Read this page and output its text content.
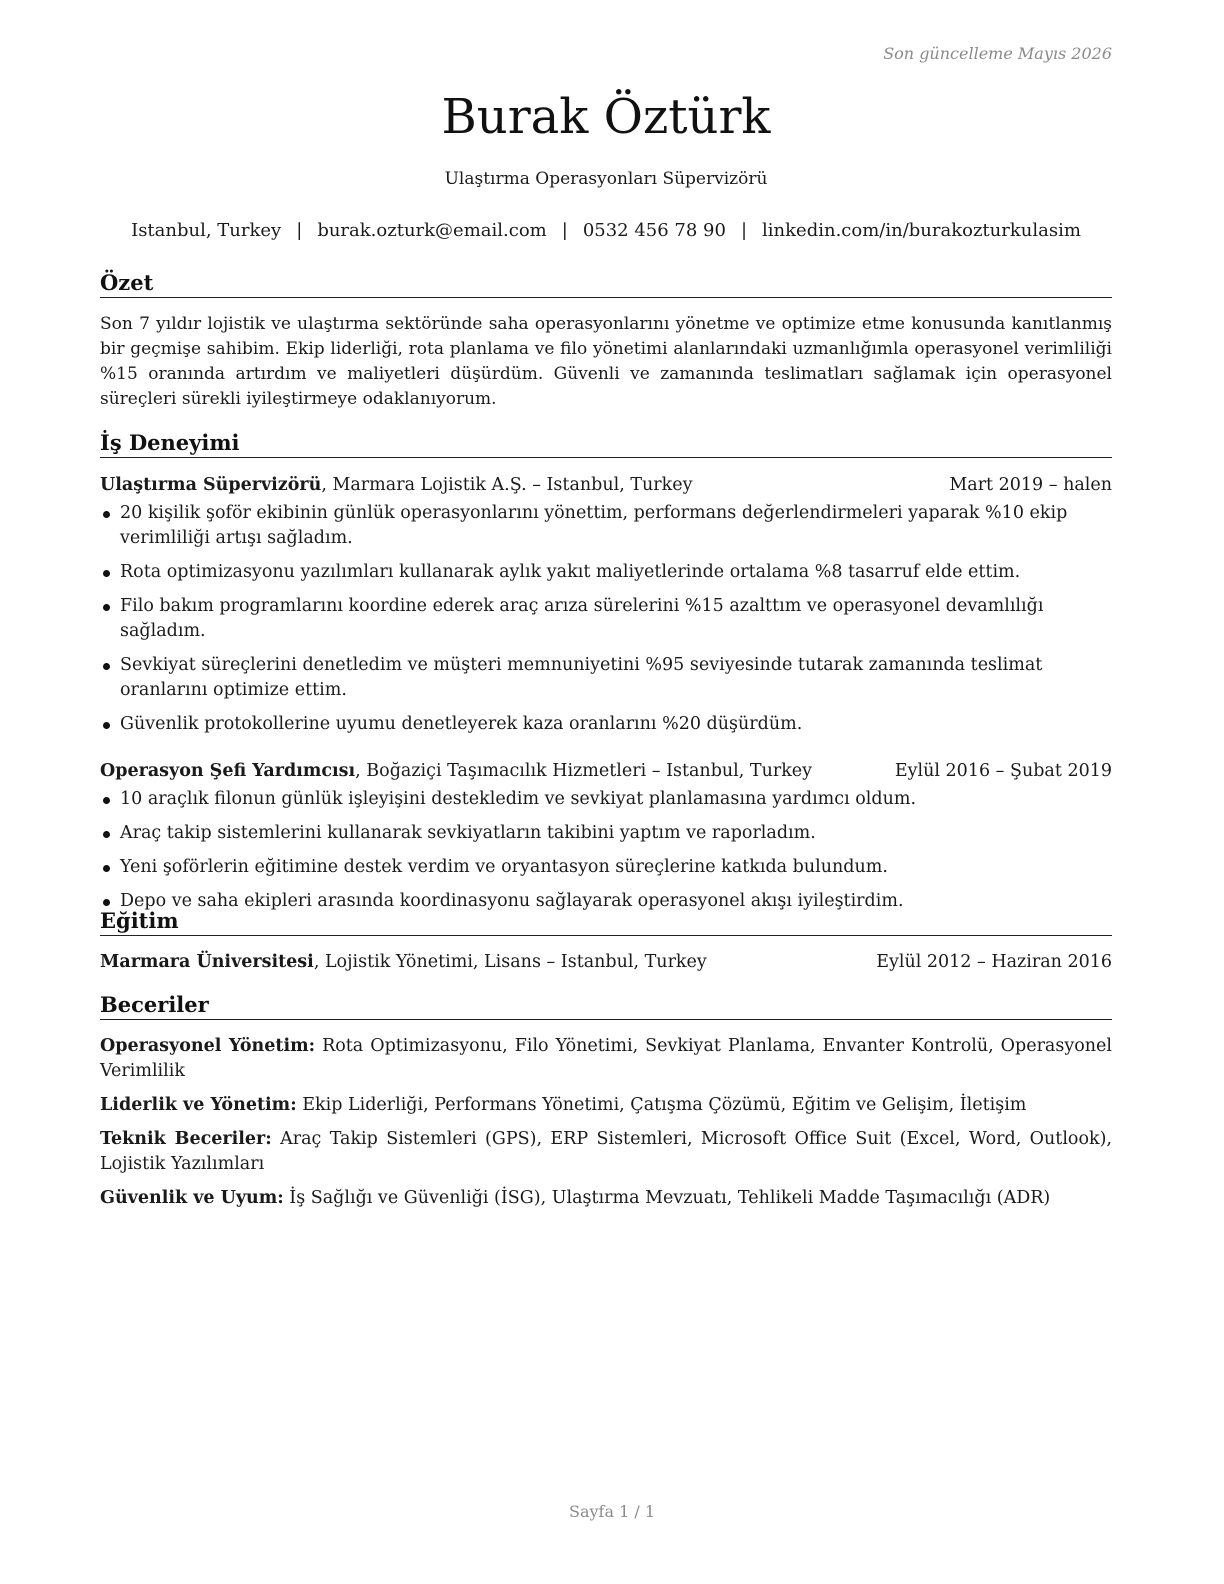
Son güncelleme Mayıs 2026
Burak Öztürk
Ulaştırma Operasyonları Süpervizörü
Istanbul, Turkey | burak.ozturk@email.com | 0532 456 78 90 | linkedin.com/in/burakozturkulasim
Özet
Son 7 yıldır lojistik ve ulaştırma sektöründe saha operasyonlarını yönetme ve optimize etme konusunda kanıtlanmış bir geçmişe sahibim. Ekip liderliği, rota planlama ve filo yönetimi alanlarındaki uzmanlığımla operasyonel verimliliği %15 oranında artırdım ve maliyetleri düşürdüm. Güvenli ve zamanında teslimatları sağlamak için operasyonel süreçleri sürekli iyileştirmeye odaklanıyorum.
İş Deneyimi
Ulaştırma Süpervizörü, Marmara Lojistik A.Ş. – Istanbul, Turkey	Mart 2019 – halen
20 kişilik şoför ekibinin günlük operasyonlarını yönettim, performans değerlendirmeleri yaparak %10 ekip verimliliği artışı sağladım.
Rota optimizasyonu yazılımları kullanarak aylık yakıt maliyetlerinde ortalama %8 tasarruf elde ettim.
Filo bakım programlarını koordine ederek araç arıza sürelerini %15 azalttım ve operasyonel devamlılığı sağladım.
Sevkiyat süreçlerini denetledim ve müşteri memnuniyetini %95 seviyesinde tutarak zamanında teslimat oranlarını optimize ettim.
Güvenlik protokollerine uyumu denetleyerek kaza oranlarını %20 düşürdüm.
Operasyon Şefi Yardımcısı, Boğaziçi Taşımacılık Hizmetleri – Istanbul, Turkey	Eylül 2016 – Şubat 2019
10 araçlık filonun günlük işleyişini destekledim ve sevkiyat planlamasına yardımcı oldum.
Araç takip sistemlerini kullanarak sevkiyatların takibini yaptım ve raporladım.
Yeni şoförlerin eğitimine destek verdim ve oryantasyon süreçlerine katkıda bulundum.
Depo ve saha ekipleri arasında koordinasyonu sağlayarak operasyonel akışı iyileştirdim.
Eğitim
Marmara Üniversitesi, Lojistik Yönetimi, Lisans – Istanbul, Turkey	Eylül 2012 – Haziran 2016
Beceriler
Operasyonel Yönetim: Rota Optimizasyonu, Filo Yönetimi, Sevkiyat Planlama, Envanter Kontrolü, Operasyonel Verimlilik
Liderlik ve Yönetim: Ekip Liderliği, Performans Yönetimi, Çatışma Çözümü, Eğitim ve Gelişim, İletişim
Teknik Beceriler: Araç Takip Sistemleri (GPS), ERP Sistemleri, Microsoft Office Suit (Excel, Word, Outlook), Lojistik Yazılımları
Güvenlik ve Uyum: İş Sağlığı ve Güvenliği (İSG), Ulaştırma Mevzuatı, Tehlikeli Madde Taşımacılığı (ADR)
Sayfa 1 / 1
